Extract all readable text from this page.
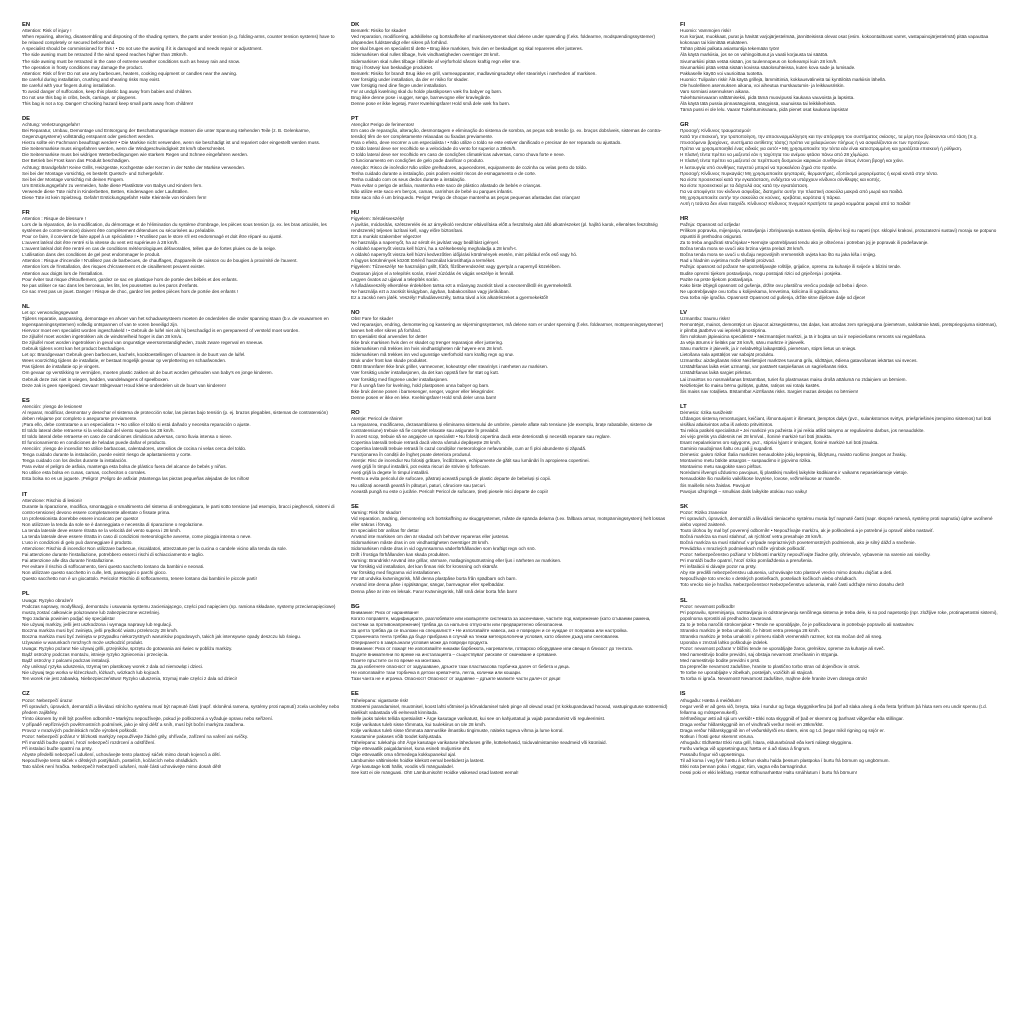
EN
Attention: Risk of injury !
When repairing, altering, disassembling and disposing of the shading system, the parts under tension (e.g. folding-arms, counter tension systems) have to be relaxed completely or secured beforehand.
A specialist should be commissioned for this ! • Do not use the awning if it is damaged and needs repair or adjustment.
The side awning must be retracted if the wind speed reaches higher than 28km/h.
The side awning must be retracted in the case of extreme weather conditions such as heavy rain and snow.
The operation in frosty conditions may damage the product.
Attention: Risk of fire! Do not use any barbecues, heaters, cooking equipment or candles near the awning.
Be careful during installation, crushing and shearing risks may exist.
Be careful with your fingers during installation.
To avoid danger of suffocation, keep this plastic bag away from babies and children.
Do not use this bag in cribs, beds, carriage, or playpens.
This bag is not a toy. Danger! Chocking hazard keep small parts away from children!
DE
Achtung: Verletzungsgefahr!
Bei Reparatur, Umbau, Demontage und Entsorgung der Beschattungsanlage müssen die unter Spannung stehenden Teile (z. B. Gelenkarme, Gegenzugsysteme) vollständig entspannt oder gesichert werden.
Hierzu sollte ein Fachmann beauftragt werden! • Die Markise nicht verwenden, wenn sie beschädigt ist und repariert oder eingestellt werden muss.
Die Seitenmarkise muss eingefahren werden, wenn die Windgeschwindigkeit 28 km/h überschreitet.
Die Seitenmarkise muss bei widrigen Wetterbedingungen wie starkem Regen und Schnee eingefahren werden.
Der Betrieb bei Frost kann das Produkt beschädigen.
Achtung: Brandgefahr! Keine Grills, Heizgeräte, Kochgeräte oder Kerzen in der Nähe der Markise verwenden.
Sei bei der Montage vorsichtig, es besteht Quetsch- und Schergefahr.
Sei bei der Montage vorsichtig mit deinen Fingern.
Um Erstickungsgefahr zu vermeiden, halte diese Plastiktüte von Babys und Kindern fern.
Verwende diese Tüte nicht in Kinderbetten, Betten, Kinderwagen oder Laufställen.
Diese Tüte ist kein Spielzeug. Gefahr! Erstickungsgefahr! Halte Kleinteile von Kindern fern!
FR
Attention : Risque de blessure !
Lors de la réparation, de la modification, du démontage et de l'élimination du système d'ombrage, les pièces sous tension (p. ex. les bras articulés, les systèmes de contre-tension) doivent être complètement détendues ou sécurisées au préalable.
Pour ce faire, il convient de faire appel à un spécialiste ! • N'utilisez pas le store s'il est endommagé et doit être réparé ou ajusté.
L'auvent latéral doit être rentré si la vitesse du vent est supérieure à 28 km/h.
L'auvent latéral doit être rentré en cas de conditions météorologiques défavorables, telles que de fortes pluies ou de la neige.
L'utilisation dans des conditions de gel peut endommager le produit.
Attention : Risque d'incendie ! N'utilisez pas de barbecues, de chauffages, d'appareils de cuisson ou de bougies à proximité de l'auvent.
Attention lors de l'installation, des risques d'écrasement et de cisaillement peuvent exister.
Attention aux doigts lors de l'installation.
Pour éviter tout risque d'étouffement, gardez ce sac en plastique hors de portée des bébés et des enfants.
Ne pas utiliser ce sac dans les berceaux, les lits, les poussettes ou les parcs d'enfants.
Ce sac n'est pas un jouet. Danger ! Risque de choc, gardez les petites pièces hors de portée des enfants !
NL
Let op: verwondingsgevaar!
Tijdens reparatie, aanpassing, demontage en afvoer van het schaduwsysteem moeten de onderdelen die onder spanning staan (b.v. de vouwarmen en tegenspanningssystemen) volledig ontspannen of van te voren beveiligd zijn.
Hiervoor moet een specialist worden ingeschakeld ! • Gebruik de luifel niet als hij beschadigd is en gerepareerd of versteld moet worden.
De zijluifel moet worden ingetrokken als de windsnelheid hoger is dan 28 km/u.
De zijluifel moet worden ingetrokken in geval van ongunstige weersomstandigheden, zoals zware regenval en sneeuw.
Gebruik tijdens vorst kan het product beschadigen.
Let op: Brandgevaar! Gebruik geen barbecues, kachels, kooktoestellingen of kaarsen in de buurt van de luifel.
Wees voorzichtig tijdens de installatie, er bestaat mogelijk gevaar op verplettering en schaafwonden.
Pas tijdens de installatie op je vingers.
Om gevaar op verstikking te vermijden, moeten plastic zakken uit de buurt worden gehouden van baby's en jonge kinderen.
Gebruik deze zak niet in wiegen, bedden, wandelwagens of speelboxen.
Deze zak is geen speelgoed. Gevaar! Stikgevaar! Houd kleine onderdelen uit de buurt van kinderen!
ES
Atención: ¡riesgo de lesiones!
Al reparar, modificar, desmontar y desechar el sistema de protección solar, las piezas bajo tensión (p. ej. brazos plegables, sistemas de contratensión) deben relajarse por completo o asegurarse previamente.
¡Para ello, debe contratarse a un especialista ! • No utilice el toldo si está dañado y necesita reparación o ajuste.
El toldo lateral debe retraerse si la velocidad del viento supera los 28 km/h.
El toldo lateral debe retraerse en caso de condiciones climáticas adversas, como lluvia intensa o nieve.
El funcionamiento en condiciones de heladas puede dañar el producto.
Atención: ¡riesgo de incendio! No utilice barbacoas, calentadores, utensilios de cocina ni velas cerca del toldo.
Tenga cuidado durante la instalación, puede existir riesgo de aplastamiento y corte.
Tenga cuidado con los dedos durante la instalación.
Para evitar el peligro de asfixia, mantenga esta bolsa de plástico fuera del alcance de bebés y niños.
No utilice esta bolsa en cunas, camas, cochecitos o corrales.
Esta bolsa no es un juguete. ¡Peligro! ¡Peligro de asfixia! ¡Mantenga las piezas pequeñas alejadas de los niños!
IT
Attenzione: Rischio di lesioni!
Durante la riparazione, modifica, smontaggio e smaltimento del sistema di ombreggiatura, le parti sotto tensione (ad esempio, bracci pieghevoli, sistemi di contro-tensione) devono essere completamente allentate o fissate prima.
Un professionista dovrebbe essere incaricato per questo!
Non utilizzare la tenda da sole se è danneggiata e necessita di riparazione o regolazione.
La tenda laterale deve essere ritratta se la velocità del vento supera i 28 km/h.
La tenda laterale deve essere ritratta in caso di condizioni meteorologiche avverse, come pioggia intensa o neve.
L'uso in condizioni di gelo può danneggiare il prodotto.
Attenzione: Rischio di incendio! Non utilizzare barbecue, riscaldatori, attrezzature per la cucina o candele vicino alla tenda da sole.
Fai attenzione durante l'installazione, potrebbero esserci rischi di schiacciamento e taglio.
Fai attenzione alle dita durante l'installazione.
Per evitare il rischio di soffocamento, tieni questo sacchetto lontano da bambini e neonati.
Non utilizzare questo sacchetto in culle, letti, passeggini o parchi gioco.
Questo sacchetto non è un giocattolo. Pericolo! Rischio di soffocamento, tenere lontano dai bambini le piccole parti!
PL
Uwaga: Ryzyko obrażeń!
Podczas naprawy, modyfikacji, demontażu i usuwania systemu zacieniającego, części pod napięciem (np. ramiona składane, systemy przeciwnapięciowe) muszą zostać całkowicie poluzowane lub zabezpieczone wcześniej.
Tego zadania powinien podjąć się specjalista!
Nie używaj markizy, jeśli jest uszkodzona i wymaga naprawy lub regulacji.
Boczna markiza musi być zwinięta, jeśli prędkość wiatru przekroczy 28 km/h.
Boczna markiza musi być zwinięta w przypadku niekorzystnych warunków pogodowych, takich jak intensywne opady deszczu lub śniegu.
Używanie w warunkach mroźnych może uszkodzić produkt.
Uwaga: Ryzyko pożaru! Nie używaj grilli, grzejników, sprzętu do gotowania ani świec w pobliżu markizy.
Bądź ostrożny podczas montażu, istnieje ryzyko zgniecenia i przecięcia.
Bądź ostrożny z palcami podczas instalacji.
Aby uniknąć ryzyka uduszenia, trzymaj ten plastikowy worek z dala od niemowląt i dzieci.
Nie używaj tego worka w łóżeczkach, łóżkach, wózkach lub kojcach.
Ten worek nie jest zabawką. Niebezpieczeństwo! Ryzyko uduszenia, trzymaj małe części z dala od dzieci!
CZ
Pozor: Nebezpečí úrazu!
Při opravách, úpravách, demontáži a likvidaci stínícího systému musí být napnuté části (např. skloněná ramena, systémy proti napnutí) zcela uvolněny nebo předem zajištěny.
Tímto úkonem by měl být pověřen odborník! • Markýzu nepoužívejte, pokud je poškozená a vyžaduje opravu nebo seřízení.
V případě nepříznivých povětrnostních podmínek, jako je silný déšť a sníh, musí být boční markýza zatažena.
Provoz v mrazivých podmínkách může výrobek poškodit.
Pozor: Nebezpečí požáru! V blízkosti markýzy nepoužívejte žádné grily, ohřívače, zařízení na vaření ani svíčky.
Při montáži buďte opatrní, hrozí nebezpečí rozdrcení a odstřižení.
Při instalaci buďte opatrní na prsty.
Abyste předešli nebezpečí udušení, uchovávejte tento plastový sáček mimo dosah kojenců a dětí.
Nepoužívejte tento sáček v dětských postýlkách, postelích, kočárcích nebo ohrádkách.
Tato sáček není hračka. Nebezpečí! Nebezpečí udušení, malé části uchovávejte mimo dosah dětí!
DK
Bemærk: Risiko for skader!
Ved reparation, modificering, adskillelse og bortskaffelse af markisesystemet skal delene under spænding (f.eks. foldearme, modspændingssystemer) afspændes fuldstændigt eller sikres på forhånd.
Der skal bruges en specialist til dette • Brug ikke markisen, hvis den er beskadiget og skal repareres eller justeres.
Sidemarkisen skal rulles tilbage, hvis vindhastigheden overstiger 28 km/t.
Sidemarkisen skal rulles tilbage i tilfælde af vejrforhold såsom kraftig regn eller sne.
Brug i frostvejr kan beskadige produktet.
Bemærk: Risiko for brand! Brug ikke en grill, varmeapparater, madlavningsudstyr eller stearinlys i nærheden af markisen.
Vær forsigtig under installation, da der er risiko for skader.
Vær forsigtig med dine fingre under installation.
For at undgå kvælning skal du holde plastikposen væk fra babyer og børn.
Brug ikke denne pose i vugger, senge, barnevogne eller kravlegårde.
Denne pose er ikke legetøj. Fare! Kvælningsfare! Hold små dele væk fra børn.
PT
Atenção! Perigo de ferimentos!
Em caso de reparação, alteração, desmontagem e eliminação do sistema de sombra, as peças sob tensão (p. ex. braços dobráveis, sistemas de contra-tensão) têm de ser completamente relaxadas ou fixadas previamente.
Para o efeito, deve recorrer a um especialista ! • Não utilize o toldo se este estiver danificado e precisar de ser reparado ou ajustado.
O toldo lateral deve ser recolhido se a velocidade do vento for superior a 28km/h.
O toldo lateral deve ser recolhido em caso de condições climatéricas adversas, como chuva forte e neve.
O funcionamento em condições de gelo pode danificar o produto.
Atenção: Risco de incêndio! Não utilize grelhadores, aquecedores, equipamento de cozinha ou velas perto do toldo.
Tenha cuidado durante a instalação, pois podem existir riscos de esmagamento e de corte.
Tenha cuidado com os seus dedos durante a instalação.
Para evitar o perigo de asfixia, mantenha este saco de plástico afastado de bebés e crianças.
Não utilize este saco em berços, camas, carrinhos de bebé ou parques infantis.
Este saco não é um brinquedo. Perigo! Perigo de choque mantenha as peças pequenas afastadas das crianças!
HU
Figyelem: Sérülésveszély!
A javítás, módosítás, szétszerelés és az árnyékoló rendszer eltávolítása előtt a feszültség alatt álló alkatrészeket (pl. hajlító karok, ellentétes feszültség rendszerek) teljesen lazítani kell, vagy előre biztosítani.
Ezt a munkát szakember végezze!
Ne használja a napernyőt, ha az sérült és javítást vagy beállítást igényel.
A oldalsó napernyőt vissza kell húzni, ha a szélsebesség meghaladja a 28 km/h-t.
A oldalsó napernyőt vissza kell húzni kedvezőtlen időjárási körülmények esetén, mint például erős eső vagy hó.
A fagyos körülmények között történő használat károsíthatja a terméket.
Figyelem: Tűzveszély! Ne használjon grillt, fűtőt, főzőberendezést vagy gyertyát a napernyő közelében.
Óvatosan járjon el a telepítés során, mivel zúzódás és vágás veszélye is fennáll.
Legyen óvatos az ujjaival a telepítés során.
A fulladásveszély elkerülése érdekében tartsa ezt a műanyag zacskót távol a csecsemőktől és gyermekektől.
Ne használja ezt a zacskót kiságyban, ágyban, babakocsiban vagy járókában.
Ez a zacskó nem játék. Veszély! Fulladásveszély, tartsa távol a kis alkatrészeket a gyermekektől!
NO
Obs! Fare for skade!
Ved reparasjon, endring, demontering og kassering av skjermingssystemet, må delene som er under spenning (f.eks. foldearmer, motspenningssystemer) løsnes helt eller sikres på forhånd.
En spesialist skal anvendes for dette!
Ikke bruk markisen hvis den er skadet og trenger reparasjon eller justering.
Sidemarkisen må trekkes inn hvis vindhastigheten når høyere enn 28 km/t.
Sidemarkisen må trekkes inn ved ugunstige værforhold som kraftig regn og snø.
Bruk under frost kan skade produktet.
OBS! Brannfare! Ikke bruk griller, varmeovner, kokeutstyr eller stearinlys i nærheten av markisen.
Vær forsiktig under installasjonen, da det kan oppstå fare for støt og kutt.
Vær forsiktig med fingrene under installasjonen.
For å unngå fare for kvelning, hold plastposen unna babyer og barn.
Ikke bruk denne posen i barnesenger, senger, vogner eller lekegrinder.
Denne posen er ikke en leke. Kvelningsfare! Hold små deler unna barn!
RO
Atenție: Pericol de rănire!
La repararea, modificarea, dezasamblarea și eliminarea sistemului de umbrire, piesele aflate sub tensiune (de exemplu, brațe rabatabile, sisteme de contratensiune) trebuie să fie complet relaxate sau asigurate în prealabil.
În acest scop, trebuie să se angajeze un specialist! • Nu folosiți copertina dacă este deteriorată și necesită reparare sau reglare.
Copertina laterală trebuie retrasă dacă viteza vântului depășește 28 km/h.
Copertina laterală trebuie retrasă în cazul condițiilor meteorologice nefavorabile, cum ar fi ploi abundente și zăpadă.
Funcționarea în condiții de îngheț poate deteriora produsul.
Atenție: Risc de incendiu! Nu folosiți grătare, încălzitoare, echipamente de gătit sau lumânări în apropierea copertinei.
Aveți grijă în timpul instalării, pot exista riscuri de strivire și forfecare.
Aveți grijă la degete în timpul instalării.
Pentru a evita pericolul de sufocare, păstrați această pungă de plastic departe de bebeluși și copii.
Nu utilizați această geantă în pătuțuri, paturi, căruciore sau țarcuri.
Această pungă nu este o jucărie. Pericol! Pericol de sufocare, țineți piesele mici departe de copii!
SE
Varning: Risk för skador!
Vid reparation, ändring, demontering och bortskaffning av skuggsystemet, måste de spända delarna (t.ex. fällbara armar, motspänningssystem) helt lossas eller säkras i förväg.
En specialist bör anlitas för detta!
Använd inte markisen om den är skadad och behöver repareras eller justeras.
Sidomarkisen måste dras in om vindhastigheten överstiger 28 km/h.
Sidomarkisen måste dras in vid ogynnsamma väderförhållanden som kraftigt regn och snö.
Drift i frostiga förhållanden kan skada produkten.
Varning: Brandrisk! Använd inte grillar, värmare, matlagningsutrustning eller ljus i närheten av markisen.
Var försiktig vid installation, det kan finnas risk för krossning och skärsår.
Var försiktig med fingrarna vid installationen.
För att undvika kvävningsrisk, håll denna plastpåse borta från spädbarn och barn.
Använd inte denna påse i spjälsängar, sängar, barnvagnar eller spelbäddar.
Denna påse är inte en leksak. Fara! Kvävningsrisk, håll små delar borta från barn!
BG
Внимание: Риск от нараняване!
Когато поправяте, модифицирате, разглобявате или изхвърляте системата за засенчване, частите под напрежение (като сгъваеми рамена, системи за противонапрежение) трябва да са напълно отпуснати или предварително обезопасени.
За целта трябва да се възложи на специалист! • Не използвайте навеса, ако е повреден и се нуждае от поправка или настройка.
Страничната тента трябва да бъде прибрана в случай на тежки метеорологични условия, като обилен дъжд или снеговалеж.
Оперирането в замръзнали условия може да повреди продукта.
Внимание: Риск от пожар! Не използвайте никакви барбекюта, нагреватели, готварско оборудване или свещи в близост до тентата.
Бъдете внимателни по време на инсталацията – съществуват рискове от смачкване и срязване.
Пазете пръстите си по време на монтажа.
За да избегнете опасност от задушаване, дръжте тази пластмасова торбичка далеч от бебета и деца.
Не използвайте тази торбичка в детски креватчета, легла, колички или кошари.
Тази чанта не е играчка. Опасност! Опасност от задавяне – дръжте малките части далеч от деца!
EE
Tähelepanu: vigastuste risk!
Süsteemi parandamisel, muutmisel, koost lahti võtmisel ja kõrvaldamisel tuleb pinge all olevad osad (nt kokkupandavad hoovad, vastupingutuse süsteemid) täielikult vabastada või eelnevalt kinnitada.
Selle jaoks tuleks tellida spetsialist! • Ärge kasutage varikatust, kui see on kahjustatud ja vajab parandamist või reguleerimist.
Külje varikatus tuleb sisse tõmmata, kui tuulekiirus on üle 28 km/h.
Külje varikatus tuleb sisse tõmmata äärmuslike ilmastiku tingimuste, näiteks tugeva vihma ja lume korral.
Kasutamine pakases võib toodet kahjustada.
Tähelepanu: tulekahju oht! Ärge kasutage varikatuse läheduses grille, küttekehasid, toiduvalmistamise seadmeid või küünlaid.
Olge ettevaatlik paigaldamisel, kuna esineb muljumise oht.
Olge ettevaatlik oma sõrmedega kokkupanekul ajal.
Lämbumise vältimiseks hoidke kilekott eemal beebidest ja lastest.
Ärge kasutage kotti hällis, voodis või mängualadel.
See kott ei ole mänguasi. Oht! Lämbumisoht! Hoidke väikesed osad lastest eemal!
FI
Huomio: Vammojen riski!
Kun korjaat, muokkaat, purat ja hävität varjojärjestelmää, jännitteisissä olevat osat (esim. kokoontaittuvat varret, vastapainojärjestelmät) pitää vapauttaa kokonaan tai kiinnittää etukäteen.
Tähän pitäisi palkata asiantuntija tekemään työn!
Älä käytä markiisia, jos se on vahingoittunut ja vaatii korjausta tai säätöä.
Sivumarkiisi pitää vetää sisään, jos tuulennopeus on korkeampi kuin 28 km/h.
Sivumarkiisi pitää vetää sisään kovissa sääolosuhteissa, kuten kova sade ja lumisade.
Pakkaselle käyttö voi vaurioittaa tuotetta.
Huomio: Tulipalon riski! Älä käytä grillejä, lämmittimiä, kokkausvälineitä tai kynttilöitä markiisin lähellä.
Ole huolellinen asennuksen aikana, voi aiheutua murskautumis- ja leikkausriskin.
Varo sormiasi asennuksen aikana.
Tukehtumisvaaran välttämiseksi, pidä tämä muovipussi kaukana vauvoista ja lapsista.
Älä käytä tätä pussia pinnasängyissä, sängyissä, vaunuissa tai leikkikehissä.
Tämä pussi ei ole lelu. Vaara! Tukehtumisvaara, pidä pienet osat kaukana lapsista!
GR
Προσοχή: Κίνδυνος τραυματισμού!
Κατά την επισκευή, την τροποποίηση, την αποσυναρμολόγηση και την απόρριψη του συστήματος σκίασης, τα μέρη που βρίσκονται υπό τάση (π.χ. πτυσσόμενοι βραχίονες, συστήματα αντίθετης τάσης) πρέπει να χαλαρώνουν πλήρως ή να ασφαλίζονται εκ των προτέρων.
Πρέπει να χρησιμοποιηθεί ένας ειδικός για αυτό! • Μη χρησιμοποιείτε την τέντα εάν είναι κατεστραμμένη και χρειάζεται επισκευή ή ρύθμιση.
Η πλαϊνή τέντα πρέπει να μαζευτεί εάν η ταχύτητα του ανέμου φτάσει πάνω από 28 χλμ/ώρα.
Η πλαϊνή τέντα πρέπει να μαζευτεί σε περίπτωση δυσμενών καιρικών συνθηκών όπως έντονη βροχή και χιόνι.
Η λειτουργία υπό συνθήκες παγετού μπορεί να προκαλέσει ζημιά στο προϊόν.
Προσοχή: Κίνδυνος πυρκαγιάς! Μη χρησιμοποιείτε ψησταριές, θερμαντήρες, εξοπλισμό μαγειρέματος ή κεριά κοντά στην τέντα.
Να είστε προσεκτικοί κατά την εγκατάσταση, ενδέχεται να υπάρχουν κίνδυνοι σύνθλιψης και κοπής.
Να είστε προσεκτικοί με τα δάχτυλά σας κατά την εγκατάσταση.
Για να αποφύγετε τον κίνδυνο ασφυξίας, διατηρείτε αυτήν την πλαστική σακούλα μακριά από μωρά και παιδιά.
Μη χρησιμοποιείτε αυτήν την σακούλα σε κούνιες, κρεβάτια, καρότσια ή πάρκα.
Αυτή η τσάντα δεν είναι παιχνίδι. Κίνδυνος! Κίνδυνος πνιγμού! Κρατήστε τα μικρά κομμάτια μακριά από τα παιδιά!
HR
Pažnja: Opasnost od ozljeda!
Prilikom popravka, mijenjanja, rastavljanja i zbrinjavanja sustava sjenila, dijelovi koji su napeti (npr. sklopivi krakovi, protuzatezni sustavi) moraju se potpuno otpustiti ili prethodno osigurati.
Za to treba angažirati stručnjaka! • Nemojte upotrebljavati tendu ako je oštećena i potreban joj je popravak ili podešavanje.
Bočna tenda mora se uvući ako brzina vjetra prelazi 28 km/h.
Bočna tenda mora se uvući u slučaju nepovoljnih vremenskih uvjeta kao što su jaka kiša i snijeg.
Rad u hladnim uvjetima može oštetiti proizvod.
Pažnja: opasnost od požara! Ne upotrebljavajte roštilje, grijalice, opremu za kuhanje ili svijeće u blizini tende.
Budite oprezni tijekom postavljanja, mogu postojati rizici od gnječenja i posjeka.
Pazite na prste tijekom postavljanja.
Kako biste izbjegli opasnost od gušenja, držite ovu plastičnu vrećicu podalje od beba i djece.
Ne upotrebljavajte ovu torbu u kolijevkama, krevetima, kolicima ili ogradicama.
Ova torba nije igračka. Opasnost! Opasnost od gušenja, držite sitne dijelove dalje od djece!
LV
Uzmanību: traumu risks!
Remontējot, mainot, demontējot un izjaucot aizsegsistēmu, tās daļas, kas atrodas zem spriegojuma (piemēram, salokāmie kāsti, pretspriegojuma sistēmas), ir pilnībā jāatbrīvo vai iepriekš jānostiprina.
Šim nolūkam jāpieaicina speciālists! • Neizmantojiet markīzi, ja tā ir bojāta un tai ir nepieciešams remonts vai regulēšana.
Ja vēja ātrums ir lielāks par 28 km/h, sānu markīze ir jāievelk.
Sānu markīze ir jāievelk, ja ir nelabvēlīgi laikapstākļi, piemēram, stiprs lietus un sniegs.
Lietošana sala apstākļos var sabojāt produktu.
Uzmanību: aizdegšanās risks! Neizlietojiet markīzes tuvumā grilu, sildītājus, ēdiena gatavošanas iekārtas vai sveces.
Uzstādīšanas laikā esiet uzmanīgi, var pastāvēt saspiešanas un sagriešanās risks.
Uzstādīšanas laikā sargiet pirkstus.
Lai izvairītos no nosmakšanas bīstamības, turiet šo plastmasas maisu drošā attālumā no zīdaiņiem un bērniem.
Neizlietojiet šo maisu bērnu gultiņās, gultās, ratiņos vai rotaļu kastēs.
Šis maiss nav rotaļlieta. Bīstamība! Aizrīšanās risks. Sargiet mazas detaļas no bērniem!
LT
Dėmesio: rizika susižeisti!
Uždangos sistemą remontuojant, keičiant, išmontuojant ir išmetant, įtemptos dalys (pvz., sulankstomos svirtys, priešpriešinės įtempimo sistemos) turi būti visiškai atlaisvintos arba iš anksto pritvirtintos.
Tai reikia patikėti specialistui! • Jei markizė yra pažeista ir jai reikia atlikti taisymo ar reguliavimo darbus, jos nenaudokite.
Jei vėjo greitis yra didesnis nei 28 km/val., šoninė markizė turi būti įtraukta.
Esant nepalankioms oro sąlygoms, pvz., stipriai lyjant ir sningant, šoninė markizė turi būti įtraukta.
Gaminio naudojimas šaltu oru gali jį sugadinti.
Dėmesio: gaisro rizika! Šalia markizės nenaudokite jokių kepsninių, šildytuvų, maisto ruošimo įrangos ar žvakių.
Montavimo metu būkite atsargūs – suspaudimo ir įpjovimo rizika.
Montavimo metu saugokite savo pirštus.
Norėdami išvengti uždusimo pavojaus, šį plastikinį maišelį laikykite kūdikiams ir vaikams nepasiekiamoje vietoje.
Nenaudokite šio maišelio vaikiškose lovytėse, lovose, vežimėliuose ar maneže.
Šis maišelis nėra žaislas. Pavojus!
Pavojus užspringti – smulkias dalis laikykite atokiau nuo vaikų!
SK
Pozor: Riziko zranenia!
Pri opravách, úpravách, demontáži a likvidácii tieniaceho systému musia byť napnuté časti (napr. skopné ramená, systémy proti napnutiu) úplne uvoľnené alebo vopred zaistené.
Touto úlohou by mal byť poverený odborník! • Nepoužívajte markízu, ak je poškodená a je potrebné ju opraviť alebo nastaviť.
Bočná markíza sa musí stiahnuť, ak rýchlosť vetra presahuje 28 km/h.
Bočná markíza sa musí stiahnuť v prípade nepriaznivých poveternostných podmienok, ako je silný dážď a sneženie.
Prevádzka v mrazivých podmienkach môže výrobok poškodiť.
Pozor: Nebezpečenstvo požiaru! V blízkosti markízy nepoužívajte žiadne grily, ohrievače, vybavenie na varenie ani sviečky.
Pri montáži buďte opatrní, hrozí riziko pomliaždenia a prerušenia.
Pri inštalácii si dávajte pozor na prsty.
Aby ste predišli nebezpečenstvu udusenia, uchovávajte toto plastové vrecko mimo dosahu dojčiat a detí.
Nepoužívajte toto vrecko v detských postieľkach, posteliach kočíkoch alebo ohrádkach.
Toto vrecko nie je hračka. Nebezpečenstvo! Nebezpečenstvo udusenia, malé časti udržujte mimo dosahu detí!
SL
Pozor: nevarnost poškodb!
Pri popravilu, spreminjanju, razstavljanju in odstranjevanju senčilnega sistema je treba dele, ki so pod napetostjo (npr. zložljive roke, protinapetostni sistemi), popolnoma sprostiti ali predhodno zavarovati.
Za to je treba naročiti strokovnjaka! • Tende ne uporabljajte, če je poškodovana in potrebuje popravilo ali nastavitev.
Stransko markizo je treba umakniti, če hitrost vetra presega 28 km/h.
Stransko markizo je treba umakniti v primeru slabih vremenskih razmer, kot sta močan dež ali sneg.
Uporaba v zmrzali lahko poškoduje izdelek.
Pozor: nevarnost požara! V bližini tende ne uporabljajte žarov, grelnikov, opreme za kuhanje ali sveč.
Med namestitvijo bodite previdni, saj obstaja nevarnost zmečkanin in strganja.
Med namestitvijo bodite previdni s prsti.
Da preprečite nevarnost zadušitve, hranite to plastično torbo stran od dojenčkov in otrok.
Te torbe ne uporabljajte v zibelkah, posteljah, vozičkih ali stajicah.
Ta torba ni igrača. Nevarnost! Nevarnost zadušitve, majhne dele hranite izven dosega otrok!
IS
Athugaðu: Hætta á meiðslum!
Þegar verið er að gera við, breyta, taka í sundur og farga skyggnikerfinu þá þarf að slaka alveg á eða festa fyrirfram þá hluta sem eru undir spennu (t.d. fellarma og mótspennukerfi).
Sérfræðingur ætti að sjá um verkið! • Ekki nota skyggnið ef það er skemmt og þarfnast viðgerðar eða stillingar.
Draga verður hliðarskyggnið inn ef vindhraði verður meiri en 28km/klst.
Draga verður hliðarskyggnið inn ef veðurskilyrði eru slæm, eins og t.d. þegar mikil rigning og snjór er.
Notkun í frosti getur skemmt vöruna.
Athugaðu: Eldhætta! Ekki nota grill, hitara, eldunarbúnað eða kerti nálægt skygginnu.
Farðu varlega við uppsetninguna; hætta er á að slasa á fingrum.
Passaðu fingur við uppsetningu.
Til að koma í veg fyrir hættu á köfnun skaltu halda þessum plastpoka í burtu frá börnum og ungbörnum.
Ekki nota þennan poka í vöggur, rúm, vagna eða barnagrindur.
Þessi poki er ekki leikfang. Hætta! Köfnunarhætta! Haltu smáhlutum í burtu frá börnum!
